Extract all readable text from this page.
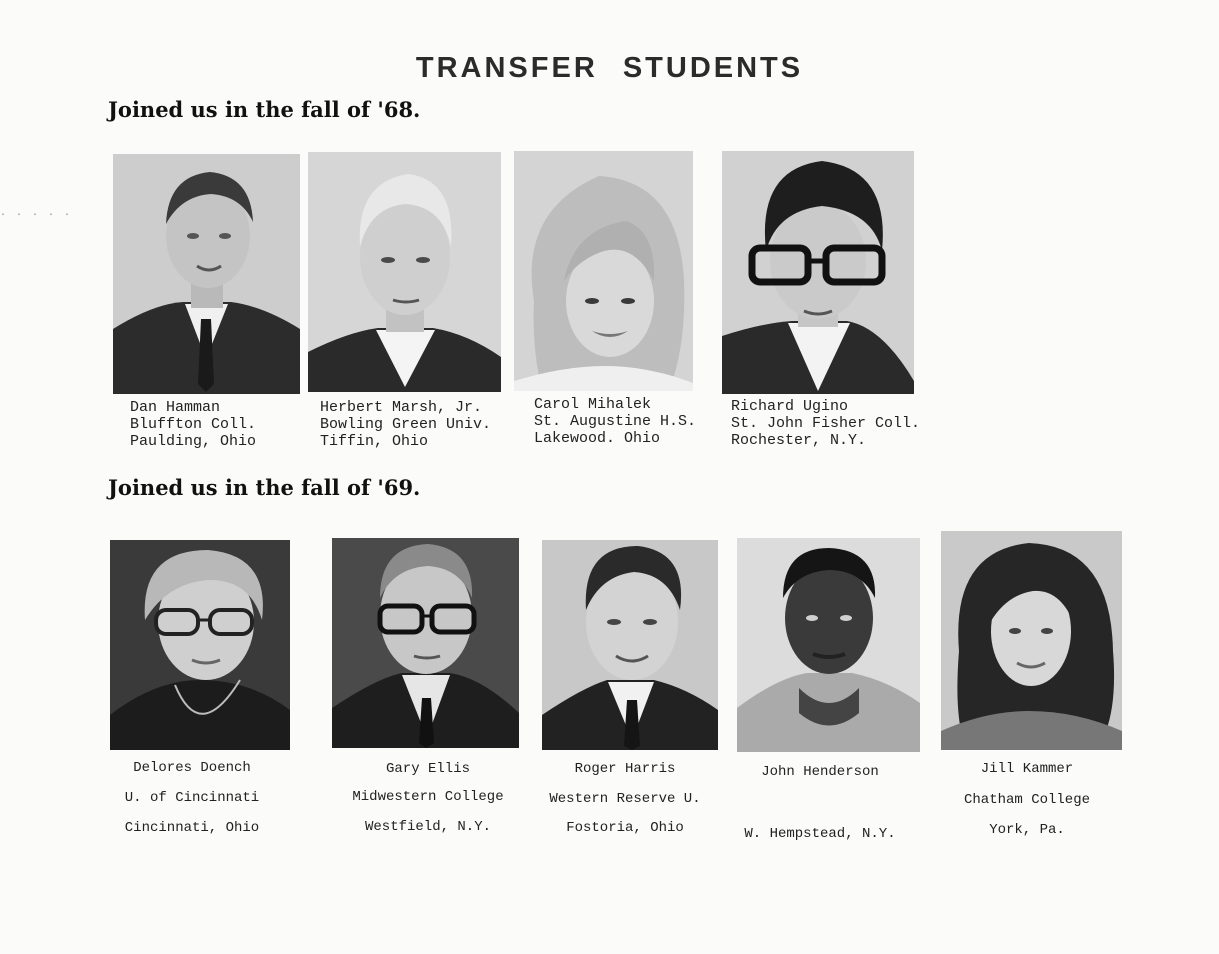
· · · · ·
TRANSFER STUDENTS
Joined us in the fall of '68.
Dan Hamman
Bluffton Coll.
Paulding, Ohio
Herbert Marsh, Jr.
Bowling Green Univ.
Tiffin, Ohio
Carol Mihalek
St. Augustine H.S.
Lakewood. Ohio
Richard Ugino
St. John Fisher Coll.
Rochester, N.Y.
Joined us in the fall of '69.
Delores Doench
U. of Cincinnati
Cincinnati, Ohio
Gary Ellis
Midwestern College
Westfield, N.Y.
Roger Harris
Western Reserve U.
Fostoria, Ohio
John Henderson
W. Hempstead, N.Y.
Jill Kammer
Chatham College
York, Pa.
